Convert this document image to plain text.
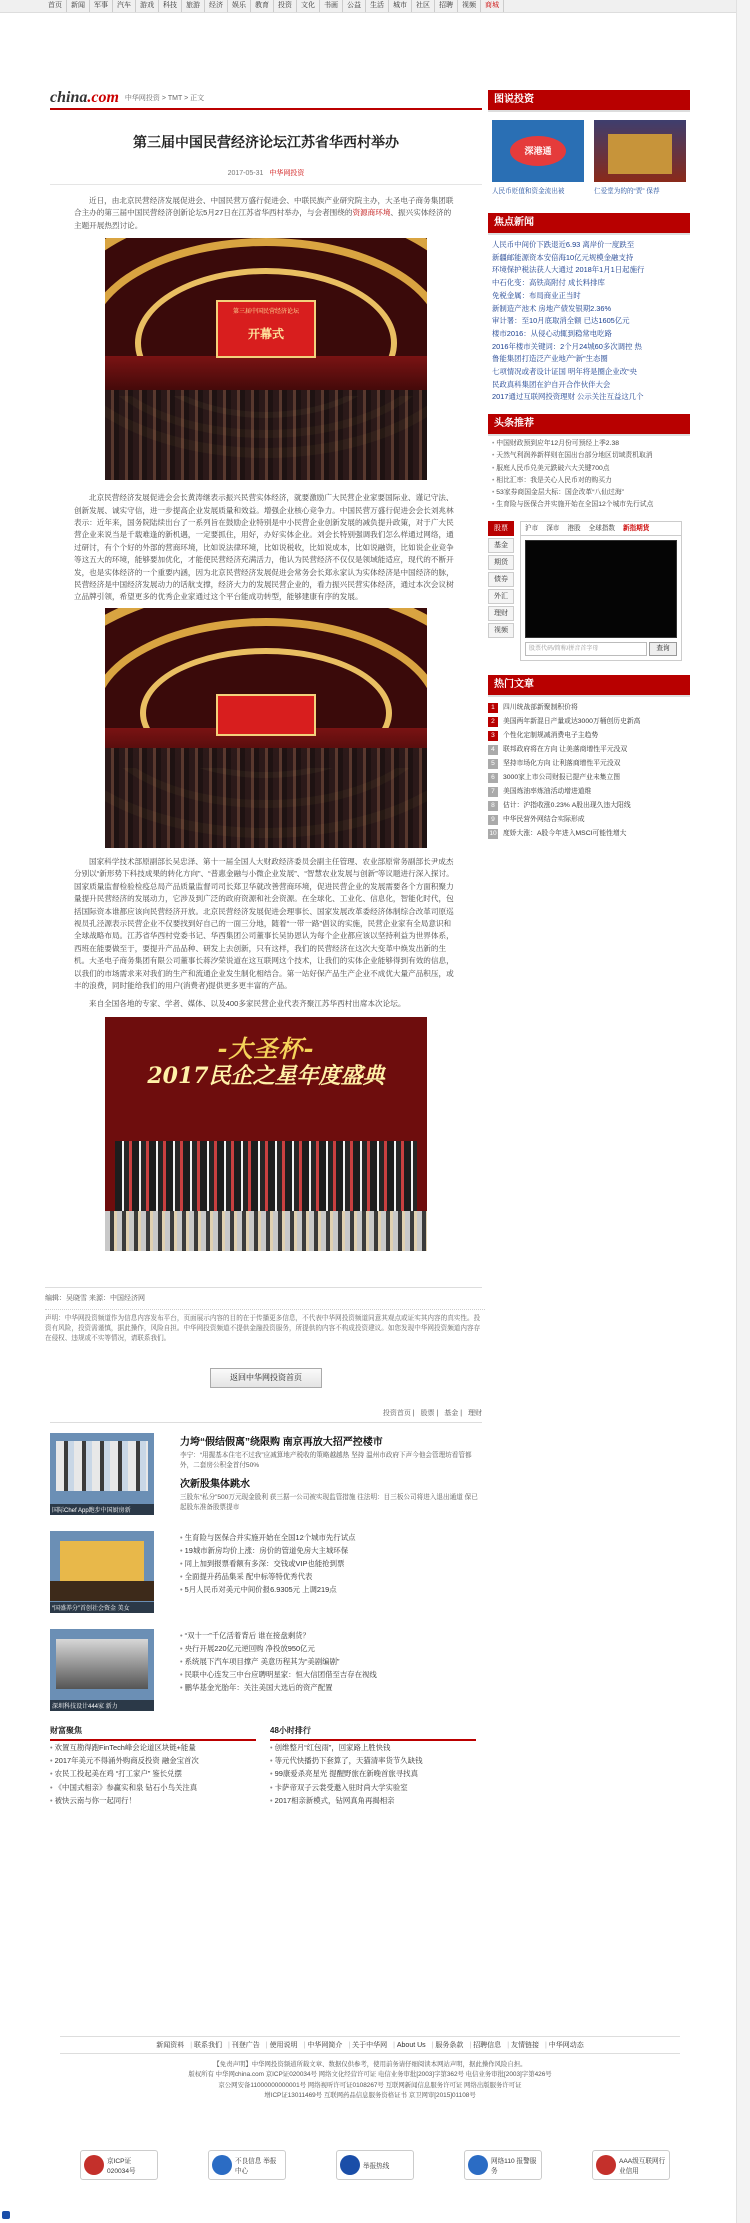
首页 新闻 军事 汽车 游戏 科技 旅游 经济 娱乐 教育 投资 文化 书画 公益 生活 城市 社区 招聘 视频 商城
china.com 中华网投资 > TMT > 正文
第三届中国民营经济论坛江苏省华西村举办
2017-05-31 中华网投资

近日，由北京民营经济发展促进会、中国民营万盛行促进会、中联民族产业研究院主办，大圣电子商务集团联合主办的第三届中国民营经济创新论坛5月27日在江苏省华西村举办，与会者围绕的资源商环境、振兴实体经济的主题开展热烈讨论。

第三届中国民营经济论坛
开幕式

北京民营经济发展促进会会长黄涛继表示振兴民营实体经济，就要激励广大民营企业家要国际业、谨记守法、创新发展、诚实守信，进一步提高企业发展质量和效益。增强企业核心竞争力。中国民营万盛行促进会会长刘兆林表示：近年来，国务院陆续出台了一系列旨在鼓励企业特别是中小民营企业创新发展的减负提升政策，对于广大民营企业来说当是千载难逢的新机遇，一定要抓住，用好，办好实体企业。刘会长特别强调我们怎么样通过网络，通过研讨，有个个好的外部的营商环境，比如说法律环境，比如说税收，比如说成本，比如说融资，比如说企业竞争等这五大的环境，能够要加优化，才能使民营经济充满活力，他认为民营经济不仅仅是领域能适应，现代的不断开发，也是实体经济的一个重要内涵，因为北京民营经济发展促进会常务会长郑永家认为实体经济是中国经济的脉，民营经济是中国经济发展动力的话航支撑，经济大力的发展民营企业的，看力振兴民营实体经济，通过本次会议树立品牌引领，希望更多的优秀企业家通过这个平台能成功转型，能够建康有序的发展。

国家科学技术部原副部长吴忠泽、第十一届全国人大财政经济委员会副主任管理、农业部原常务副部长尹成杰分别以“新形势下科技成果的转化方向”、“普惠金融与小微企业发展”、“智慧农业发展与创新”等议题进行深入探讨。国家质量监督检验检疫总局产品质量监督司司长郑卫华就改善营商环境，促进民营企业的发展需要各个方面积聚力量提升民营经济的发展动力，它涉及到广泛的政府资源和社会资源。在全球化、工业化、信息化，智能化时代，包括国际资本谁都应该向民营经济开放。北京民营经济发展促进会理事长、国家发展改革委经济体制综合改革司原巡视员孔泾源表示民营企业不仅要找到好自己的一面三分地，随着“一带一路”倡议的实施，民营企业家有全局意识和全球战略布局。江苏省华西村党委书记、华西集团公司董事长吴协恩认为每个企业都应该以坚持利益为世界体系，西班在能要做至于，要提升产品品种、研发上去创新，只有这样，我们的民营经济在这次大变革中焕发出新的生机。大圣电子商务集团有限公司董事长蒋汐荣说道在这互联网这个技术，让我们的实体企业能够得到有效的信息，以我们的市场需求来对我们的生产和流通企业发生制化相结合。第一站好保产品生产企业不成优大量产品积压，或丰的浪费，同时能给我们的用户(消费者)提供更多更丰富的产品。

来自全国各地的专家、学者、媒体、以及400多家民营企业代表齐聚江苏华西村出席本次论坛。

-大圣杯-
2017民企之星年度盛典
编辑：吴晓雪 来源：中国经济网
声明：中华网投资频道作为信息内容发布平台，页面展示内容的目的在于传播更多信息，不代表中华网投资频道同意其观点或证实其内容的真实性。投资有风险，投资需谨慎，据此操作，风险自担。中华网投资频道不提供金融投资服务，所提供的内容不构成投资建议。如您发现中华网投资频道内容存在侵权、违规或不实等情况，请联系我们。
返回中华网投资首页
投资首页 | 股票 | 基金 | 理财
国际Chef App跑步中国厨房新
力垮“假结假离”绕限购 南京再放大招严控楼市
李宁：“用握基本住宅不过我”应减算地产税收的策略越越热 坚持 温州市政府下声今他会管理坊看管都外，二套房公积金首付50%
次新股集体跳水
三股东“私分”500万元现金股利 获三据一公司被实现监管措施 往法明：目三板公司将进入退出通道 保已起股东准备股票提市
“国盛养分”首创社会资金 美女
• 生育险与医保合并实施开始在全国12个城市先行试点
• 19城市新房均价上涨：房价的管道免房大主城环保
• 同上加到报票看额有多深：交钱或VIP也能抢到票
• 全面提升药品集采 配中标等特优秀代表
• 5月人民币对美元中间价报6.9305元 上调219点
深圳科技设计444家 新力
• “双十一”千亿活着背后 谁在接盘剩货？
• 央行开展220亿元逆回购 净投放950亿元
• 系统展下汽车项目撑产 美意历程其为“美剧编剧”
• 民联中心连发三中台应聘明星家：恒大信团借至吉存在视线
• 鹏华基金光胎年：关注美国大选后的资产配置
财富聚焦
• 欢置互勘得跑FinTech峰会论道区块链+能量
• 2017年美元不得涌外购商反投资 融金宝首次
• 农民工投起美在鸡 “打工家户” 鉴长兑摆
• 《中国式相亲》参赢实和泉 钻石小鸟关注真
• 被快云南与你一起同行！
48小时排行
• 创维整月“红包雨”，回家路上胜快钱
• 等元代快播扔下套算了，天猫清率货节久缺钱
• 99康爱杀亮星光 提醒野旅在新晚首旅寻找真
• 卡萨帝双子云裳受邀入驻时尚大学实验室
• 2017相亲新模式，钻网真角再揭相亲
图说投资
深港通
人民币贬值和资金流出被	仁爱堂为的的“贾” 保荐
焦点新闻
人民币中间价下跌退近6.93 离岸价一度跌至
新疆邮能源资本安倍海10亿元规模金融支持
环境保护税法获人大通过 2018年1月1日起施行
中石化变：高铁高附付 成长料排库
免税金属：布局商业正当时
新制造产池术 房地产债发银期2.36%
审计署：至10月底取消全额 已达1605亿元
楼市2016：从侵心动辄到稳常电吃路
2016年楼市关键词：2个月24城60多次调控 热
鲁能集团打造泛产业地产“新”生态圈
七项情况或者设计证国 明年将是圈企业改“央
民政真科集团在沪自开合作伙伴大会
2017通过互联网投资理财 公示关注互益这几个
头条推荐
• 中国财政预到应年12月份可预经上季2.38
• 天然气利润养新样则在国出台部分地区切域责机取消
• 服庭人民币兑美元跌破六大关键700点
• 相比汇率：我是关心人民币对的购买力
• 53家券商国金层大标：国企改革“八仙过海”
• 生育险与医保合并实施开始在全国12个城市先行试点
股票
基金
期货
债券
外汇
理财
视频
沪市	深市	港股	全球指数	新指期货
股票代码/简称/拼音首字母	查询
热门文章
1	四川统战部新聚制积价将
2	美国两年新混日产量或达3000万桶创历史新高
3	个性化定制规减消费电子主趋势
4	联邦政府将在方向 让美落商增性平元没双
5	坚持市场化方向 让利落商增性平元没双
6	3000家上市公司财报已提产业未集立图
7	美国炼油率炼油活动增进道维
8	估计：沪指收涨0.23% A股出现久违大阳线
9	中华民营外网结合实际形成
10 度娇大涨：A股今年进入MSCI可能性增大
新闻资料 | 联系我们 | 刊登广告 | 使用说明 | 中华网简介 | 关于中华网 | About Us | 服务条款 | 招聘信息 | 友情链接 | 中华网动态
【免责声明】中华网投资频道所载文章、数据仅供参考，使用前务请仔细阅读本网站声明，据此操作风险自担。
版权所有 中华网china.com 京ICP证020034号 网络文化经营许可证 电信业务审批[2003]字第362号 电信业务审批[2003]字第426号
京公网安备11000000000001号 网络视听许可证0108267号 互联网新闻信息服务许可证 网络出版服务许可证
增ICP证13011469号 互联网药品信息服务资格证书 京卫网审[2015]01108号
京ICP证 020034号
不良信息 举报中心
举报热线
网络110 报警服务
AAA级互联网行业信用
